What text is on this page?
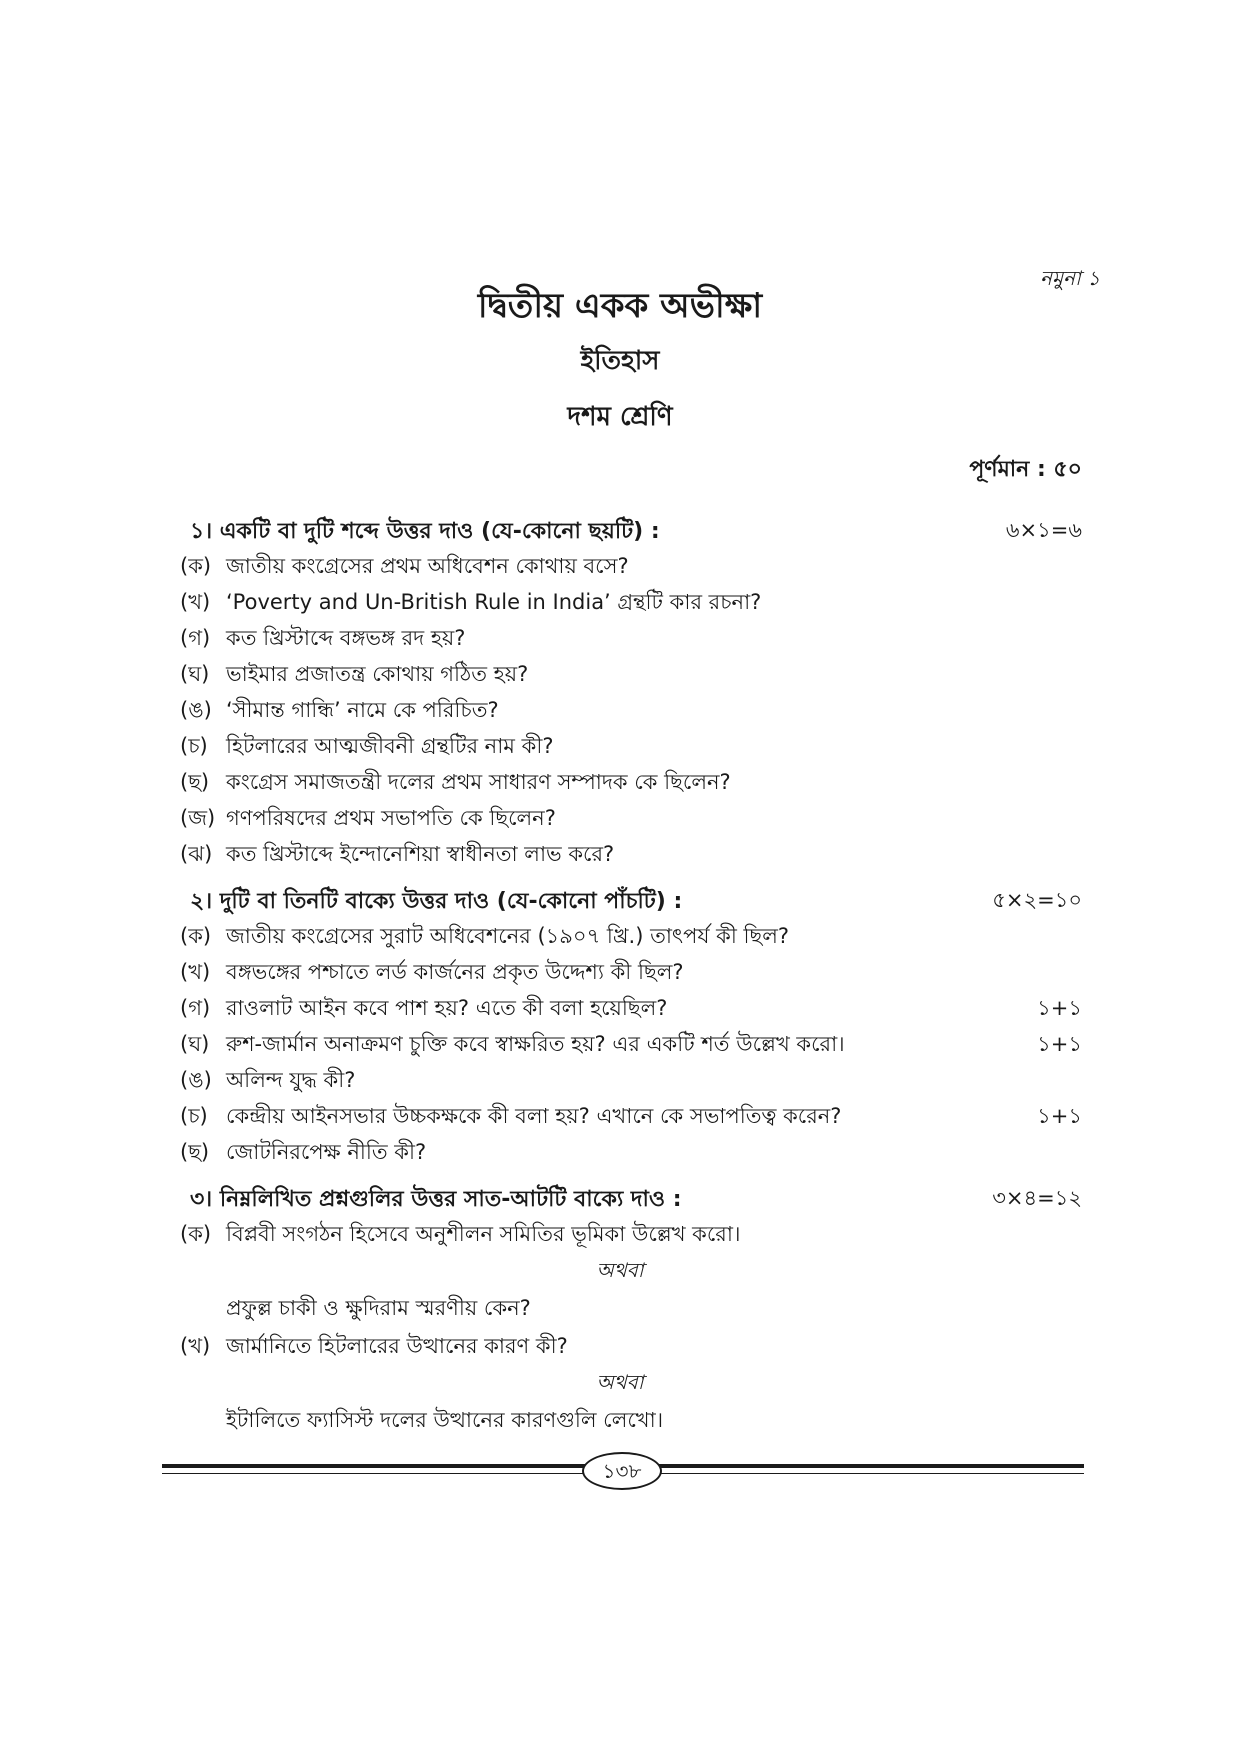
নমুনা ১
দ্বিতীয় একক অভীক্ষা
ইতিহাস
দশম শ্রেণি
পূর্ণমান : ৫০
১। একটি বা দুটি শব্দে উত্তর দাও (যে-কোনো ছয়টি) :	৬×১=৬
(ক) জাতীয় কংগ্রেসের প্রথম অধিবেশন কোথায় বসে?
(খ) ‘Poverty and Un-British Rule in India’ গ্রন্থটি কার রচনা?
(গ) কত খ্রিস্টাব্দে বঙ্গভঙ্গ রদ হয়?
(ঘ) ভাইমার প্রজাতন্ত্র কোথায় গঠিত হয়?
(ঙ) ‘সীমান্ত গান্ধি’ নামে কে পরিচিত?
(চ) হিটলারের আত্মজীবনী গ্রন্থটির নাম কী?
(ছ) কংগ্রেস সমাজতন্ত্রী দলের প্রথম সাধারণ সম্পাদক কে ছিলেন?
(জ) গণপরিষদের প্রথম সভাপতি কে ছিলেন?
(ঝ) কত খ্রিস্টাব্দে ইন্দোনেশিয়া স্বাধীনতা লাভ করে?
২। দুটি বা তিনটি বাক্যে উত্তর দাও (যে-কোনো পাঁচটি) :	৫×২=১০
(ক) জাতীয় কংগ্রেসের সুরাট অধিবেশনের (১৯০৭ খ্রি.) তাৎপর্য কী ছিল?
(খ) বঙ্গভঙ্গের পশ্চাতে লর্ড কার্জনের প্রকৃত উদ্দেশ্য কী ছিল?
(গ) রাওলাট আইন কবে পাশ হয়? এতে কী বলা হয়েছিল?	১+১
(ঘ) রুশ-জার্মান অনাক্রমণ চুক্তি কবে স্বাক্ষরিত হয়? এর একটি শর্ত উল্লেখ করো।	১+১
(ঙ) অলিন্দ যুদ্ধ কী?
(চ) কেন্দ্রীয় আইনসভার উচ্চকক্ষকে কী বলা হয়? এখানে কে সভাপতিত্ব করেন?	১+১
(ছ) জোটনিরপেক্ষ নীতি কী?
৩। নিম্নলিখিত প্রশ্নগুলির উত্তর সাত-আটটি বাক্যে দাও :	৩×৪=১২
(ক) বিপ্লবী সংগঠন হিসেবে অনুশীলন সমিতির ভূমিকা উল্লেখ করো।
অথবা
প্রফুল্ল চাকী ও ক্ষুদিরাম স্মরণীয় কেন?
(খ) জার্মানিতে হিটলারের উত্থানের কারণ কী?
অথবা
ইটালিতে ফ্যাসিস্ট দলের উত্থানের কারণগুলি লেখো।
১৩৮
